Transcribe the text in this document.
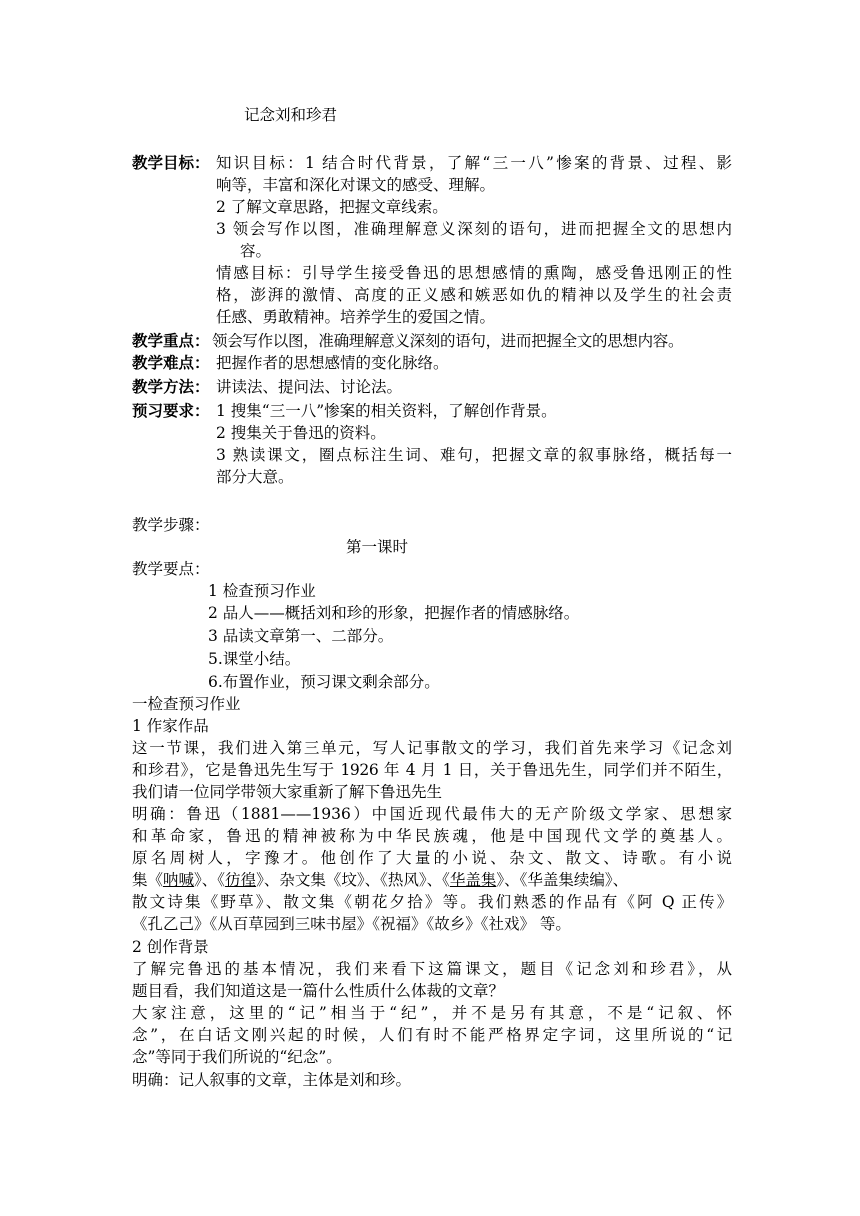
记念刘和珍君
教学目标： 知识目标：1 结合时代背景，了解“三一八”惨案的背景、过程、影
响等，丰富和深化对课文的感受、理解。
2 了解文章思路，把握文章线索。
3 领会写作以图，准确理解意义深刻的语句，进而把握全文的思想内
容。
情感目标：引导学生接受鲁迅的思想感情的熏陶，感受鲁迅刚正的性
格，澎湃的激情、高度的正义感和嫉恶如仇的精神以及学生的社会责
任感、勇敢精神。培养学生的爱国之情。
教学重点： 领会写作以图，准确理解意义深刻的语句，进而把握全文的思想内容。
教学难点： 把握作者的思想感情的变化脉络。
教学方法： 讲读法、提问法、讨论法。
预习要求： 1 搜集“三一八”惨案的相关资料，了解创作背景。
2 搜集关于鲁迅的资料。
3 熟读课文，圈点标注生词、难句，把握文章的叙事脉络，概括每一
部分大意。
教学步骤：
第一课时
教学要点：
1 检查预习作业
2 品人——概括刘和珍的形象，把握作者的情感脉络。
3 品读文章第一、二部分。
5.课堂小结。
6.布置作业，预习课文剩余部分。
一检查预习作业
1 作家作品
这一节课，我们进入第三单元，写人记事散文的学习，我们首先来学习《记念刘
和珍君》，它是鲁迅先生写于 1926 年 4 月 1 日，关于鲁迅先生，同学们并不陌生，
我们请一位同学带领大家重新了解下鲁迅先生
明确：鲁迅（1881——1936）中国近现代最伟大的无产阶级文学家、思想家
和革命家，鲁迅的精神被称为中华民族魂，他是中国现代文学的奠基人。
原名周树人，字豫才。他创作了大量的小说、杂文、散文、诗歌。有小说
集《呐喊》、《彷徨》、杂文集《坟》、《热风》、《华盖集》、《华盖集续编》、
散文诗集《野草》、散文集《朝花夕拾》等。我们熟悉的作品有《阿 Q 正传》
《孔乙己》《从百草园到三味书屋》《祝福》《故乡》《社戏》 等。
2 创作背景
了解完鲁迅的基本情况，我们来看下这篇课文，题目《记念刘和珍君》，从
题目看，我们知道这是一篇什么性质什么体裁的文章？
大家注意，这里的“记”相当于“纪”，并不是另有其意，不是“记叙、怀
念”，在白话文刚兴起的时候，人们有时不能严格界定字词，这里所说的“记
念”等同于我们所说的“纪念”。
明确：记人叙事的文章，主体是刘和珍。
